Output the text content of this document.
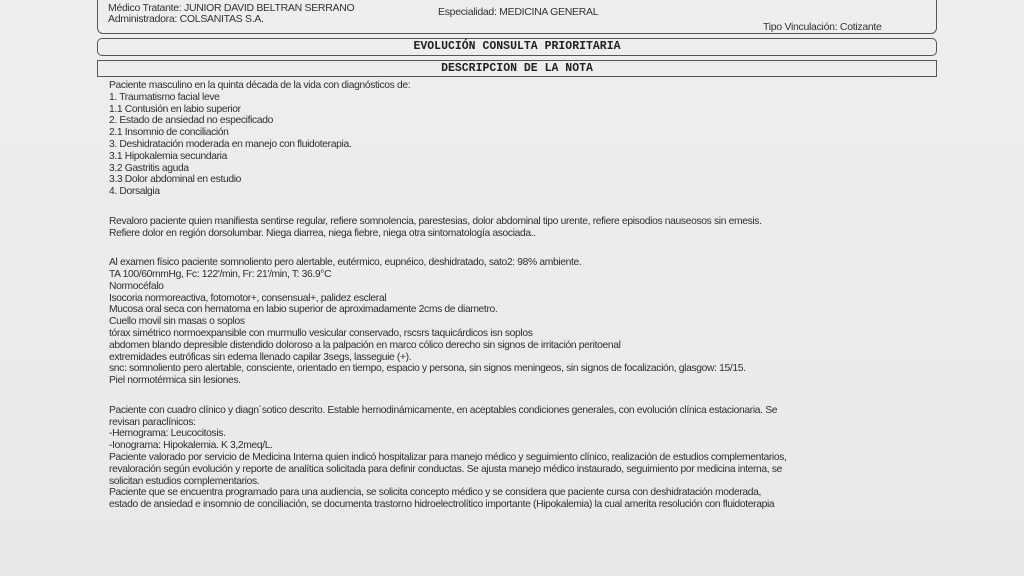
Médico Tratante: JUNIOR DAVID BELTRAN SERRANO
Administradora: COLSANITAS S.A.
Especialidad: MEDICINA GENERAL
Tipo Vinculación: Cotizante
EVOLUCIÓN CONSULTA PRIORITARIA
DESCRIPCION DE LA NOTA
Paciente masculino en la quinta década de la vida con diagnósticos de:
1. Traumatismo facial leve
1.1 Contusión en labio superior
2. Estado de ansiedad no especificado
2.1 Insomnio de conciliación
3. Deshidratación moderada en manejo con fluidoterapia.
3.1 Hipokalemia secundaria
3.2 Gastritis aguda
3.3 Dolor abdominal en estudio
4. Dorsalgia
Revaloro paciente quien manifiesta sentirse regular, refiere somnolencia, parestesias, dolor abdominal tipo urente, refiere episodios nauseosos sin emesis.
Refiere dolor en región dorsolumbar. Niega diarrea, niega fiebre, niega otra sintomatología asociada..
Al examen físico paciente somnoliento pero alertable, eutérmico, eupnéico, deshidratado, sato2: 98% ambiente.
TA 100/60mmHg, Fc: 122'/min, Fr: 21'/min, T: 36.9°C
Normocéfalo
Isocoria normoreactiva, fotomotor+, consensual+, palidez escleral
Mucosa oral seca con hematoma en labio superior de aproximadamente 2cms de diametro.
Cuello movil sin masas o soplos
tórax simétrico normoexpansible con murmullo vesicular conservado, rscsrs taquicárdicos isn soplos
abdomen blando depresible distendido doloroso a la palpación en marco cólico derecho sin signos de irritación peritoenal
extremidades eutróficas sin edema llenado capilar 3segs, lasseguie (+).
snc: somnoliento pero alertable, consciente, orientado en tiempo, espacio y persona, sin signos meningeos, sin signos de focalización, glasgow: 15/15.
Piel normotérmica sin lesiones.
Paciente con cuadro clínico y diagn´sotico descrito. Estable hemodinámicamente, en aceptables condiciones generales, con evolución clínica estacionaria. Se
revisan paraclínicos:
-Hemograma: Leucocitosis.
-Ionograma: Hipokalemia. K 3,2meq/L.
Paciente valorado por servicio de Medicina Interna quien indicó hospitalizar para manejo médico y seguimiento clínico, realización de estudios complementarios,
revaloración según evolución y reporte de analítica solicitada para definir conductas. Se ajusta manejo médico instaurado, seguimiento por medicina interna, se
solicitan estudios complementarios.
Paciente que se encuentra programado para una audiencia, se solicita concepto médico y se considera que paciente cursa con deshidratación moderada,
estado de ansiedad e insomnio de conciliación, se documenta trastorno hidroelectrolítico importante (Hipokalemia) la cual amerita resolución con fluidoterapia
